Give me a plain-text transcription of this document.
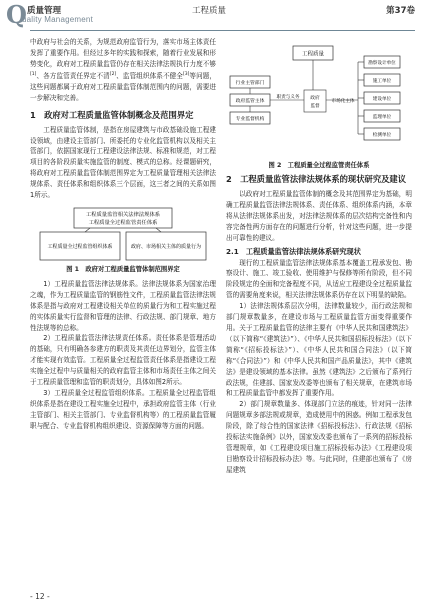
Q 质量管理
uality Management
工程质量	第37卷

中政府与社会的关系，为规范政府监管行为，落实市场主体责任发挥了重要作用。但经过多年的实践和探索，随着行业发展和形势变化，政府对工程质量监管仍存在相关法律法规执行力度不够[1]、各方监管责任界定不清[2]、监管组织体系不健全[3]等问题，这些问题都属于政府对工程质量监管体制范围内的问题，需要进一步解决和完善。

1　政府对工程质量监管体制概念及范围界定

工程质量监管体制，是指在房屋建筑与市政基础设施工程建设领域，由建设主管部门、所委托的专业化监管机构以及相关主管部门，依据国家现行工程建设法律法规、标准和规范，对工程项目的各阶段质量实施监管的制度、模式的总称。经课题研究，将政府对工程质量监管体制范围界定为工程质量管理相关法律法规体系、责任体系和组织体系三个层面，这三者之间的关系如图1所示。

工程质量监管相关法律法规体系
工程质量全过程监管责任体系
工程质量全过程监管组织体系	政府、市场相关主体的质量行为
图 1　政府对工程质量监管体制范围界定

1）工程质量监管法律法规体系。法律法规体系为国家治理之魂，作为工程质量监管的钢筋性文件，工程质量监管法律法规体系是指与政府对工程建设相关单位的质量行为和工程实施过程的实体质量实行监督和管理的法律、行政法规、部门规章、地方性法规等的总称。

2）工程质量监管法律法规责任体系。责任体系是管理活动的基础，只有明确各参建方的职责及其责任边界划分，监管主体才能实现有效监管。工程质量全过程监管责任体系是指建设工程实施全过程中与质量相关的政府监管主体和市场责任主体之间关于工程质量管理和监管的职责划分，具体如图2所示。

3）工程质量全过程监管组织体系。工程质量全过程监管组织体系是指在建设工程实施全过程中，承担政府监管主体（行业主管部门、相关主管部门、专业监督机构等）的工程质量监管履职与配合、专业监督机构组织建设、资源保障等方面的问题。

工程质量
行业主管部门
政府监管主体
专业监督机构
职责与义务 政府
监督
市场化主体
勘察设计单位
施工单位
建设单位
监理单位
检测单位
图 2　工程质量全过程监管责任体系
2　工程质量监管法律法规体系的现状研究及建议

以政府对工程质量监管体制的概念及其范围界定为基础，明确工程质量监管法律法规体系、责任体系、组织体系内涵，本章将从法律法规体系出发，对法律法规体系的层次结构完备性和内容完备性两方面存在的问题进行分析，针对这些问题，进一步提出可靠性的建议。

2.1　工程质量监管法律法规体系研究现状

现行的工程质量监管法律法规体系基本覆盖工程承发包、勘察设计、施工、竣工验收、使用维护与保修等所有阶段，但不同阶段规定的全面和完备程度不同，从适应工程建设全过程质量监管的需要角度来说，相关法律法规体系仍存在以下明显的缺陷。

1）法律法规体系层次分明，法律数量较少，而行政法规和部门规章数量多，在建设市场与工程质量监管方面变得重要作用。关于工程质量监管的法律主要有《中华人民共和国建筑法》（以下简称“《建筑法》”）、《中华人民共和国招标投标法》（以下简称“《招标投标法》”）、《中华人民共和国合同法》（以下简称“《合同法》”）和《中华人民共和国产品质量法》，其中《建筑法》是建设领域的基本法律。虽然《建筑法》之后颁布了系列行政法规，住建部、国家发改委等也颁布了相关规章，在建筑市场和工程质量监管中都发挥了重要作用。

2）部门规章数量多、体现部门立法的痕迹，针对同一法律问题规章多部法规或规章，造成使用中的困惑。例如工程承发包阶段，除了综合性的国家法律《招标投标法》、行政法规《招标投标法实施条例》以外，国家发改委也颁布了一系列的招标投标管理规章，如《工程建设项目施工招标投标办法》《工程建设项目勘察设计招标投标办法》等。与此同时，住建部也颁布了《房屋建筑

- 12 -
